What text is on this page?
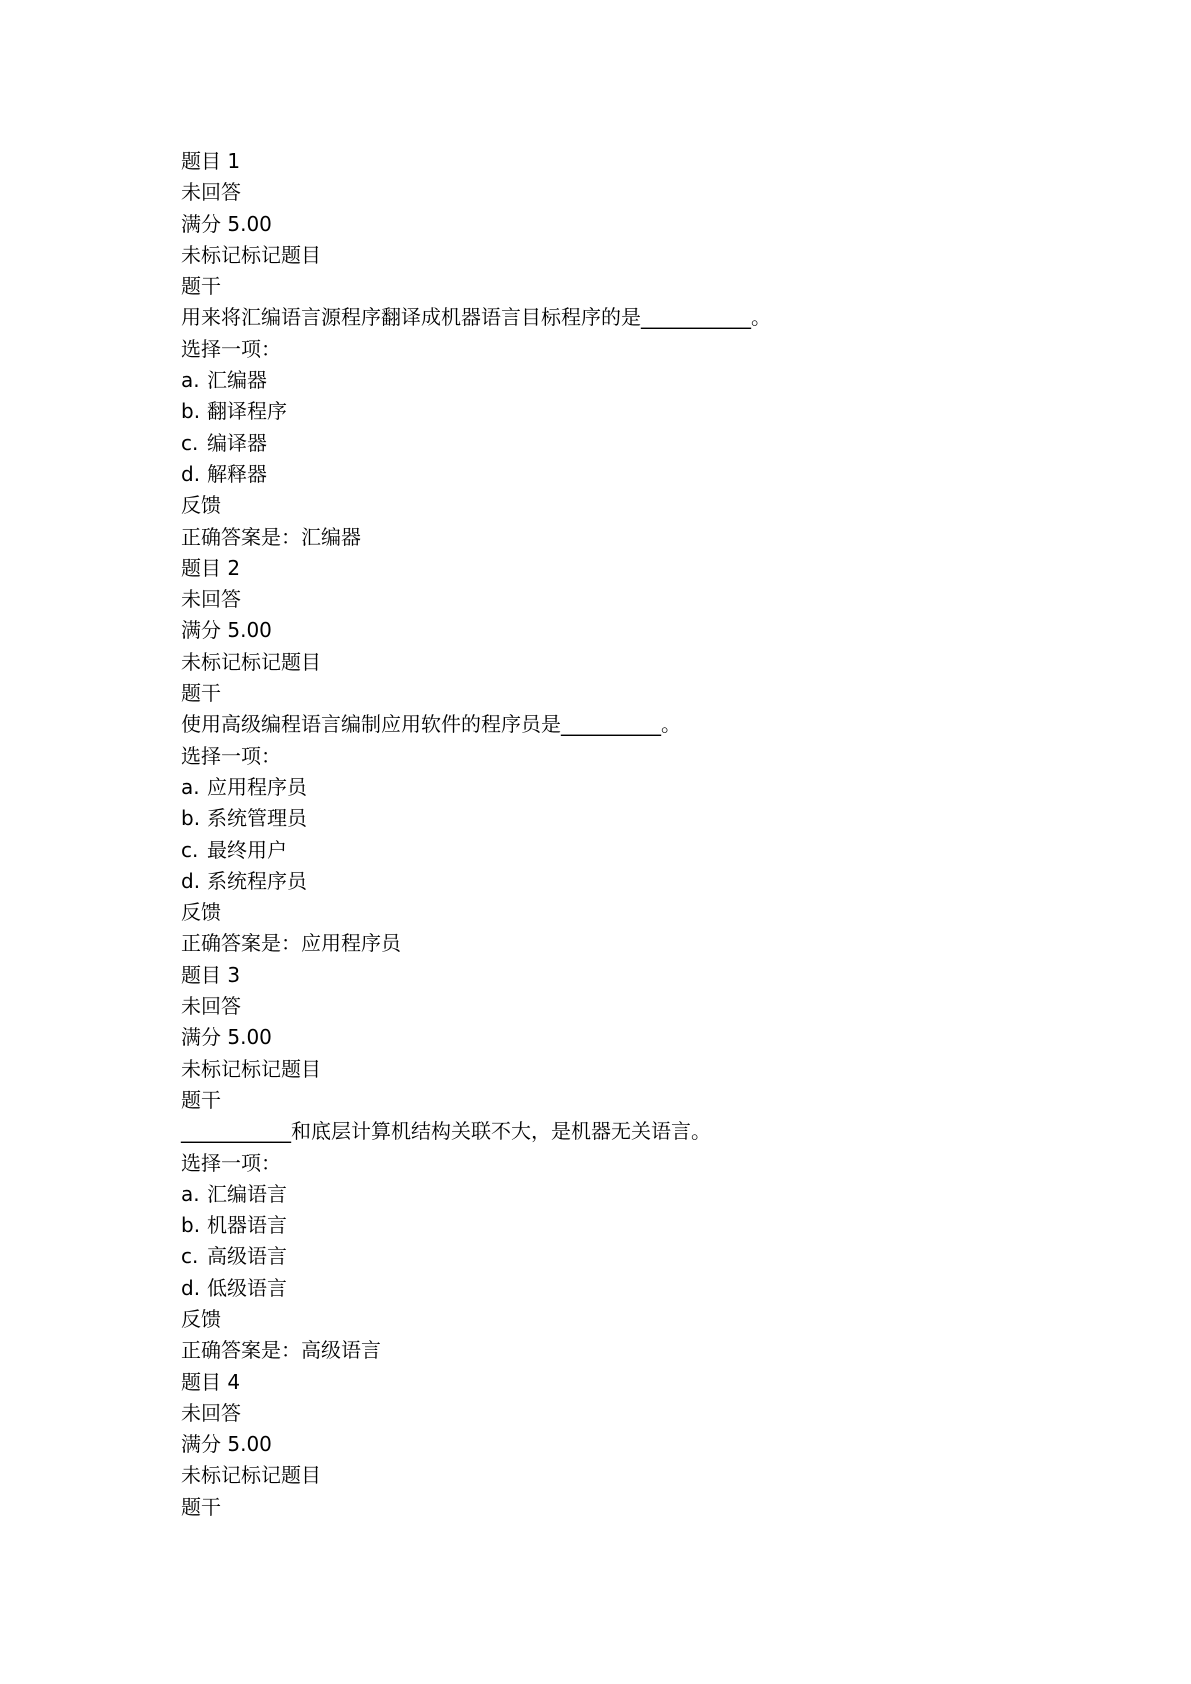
题目 1
未回答
满分 5.00
未标记标记题目
题干
用来将汇编语言源程序翻译成机器语言目标程序的是___________。
选择一项：
a. 汇编器
b. 翻译程序
c. 编译器
d. 解释器
反馈
正确答案是：汇编器
题目 2
未回答
满分 5.00
未标记标记题目
题干
使用高级编程语言编制应用软件的程序员是__________。
选择一项：
a. 应用程序员
b. 系统管理员
c. 最终用户
d. 系统程序员
反馈
正确答案是：应用程序员
题目 3
未回答
满分 5.00
未标记标记题目
题干
___________和底层计算机结构关联不大，是机器无关语言。
选择一项：
a. 汇编语言
b. 机器语言
c. 高级语言
d. 低级语言
反馈
正确答案是：高级语言
题目 4
未回答
满分 5.00
未标记标记题目
题干
